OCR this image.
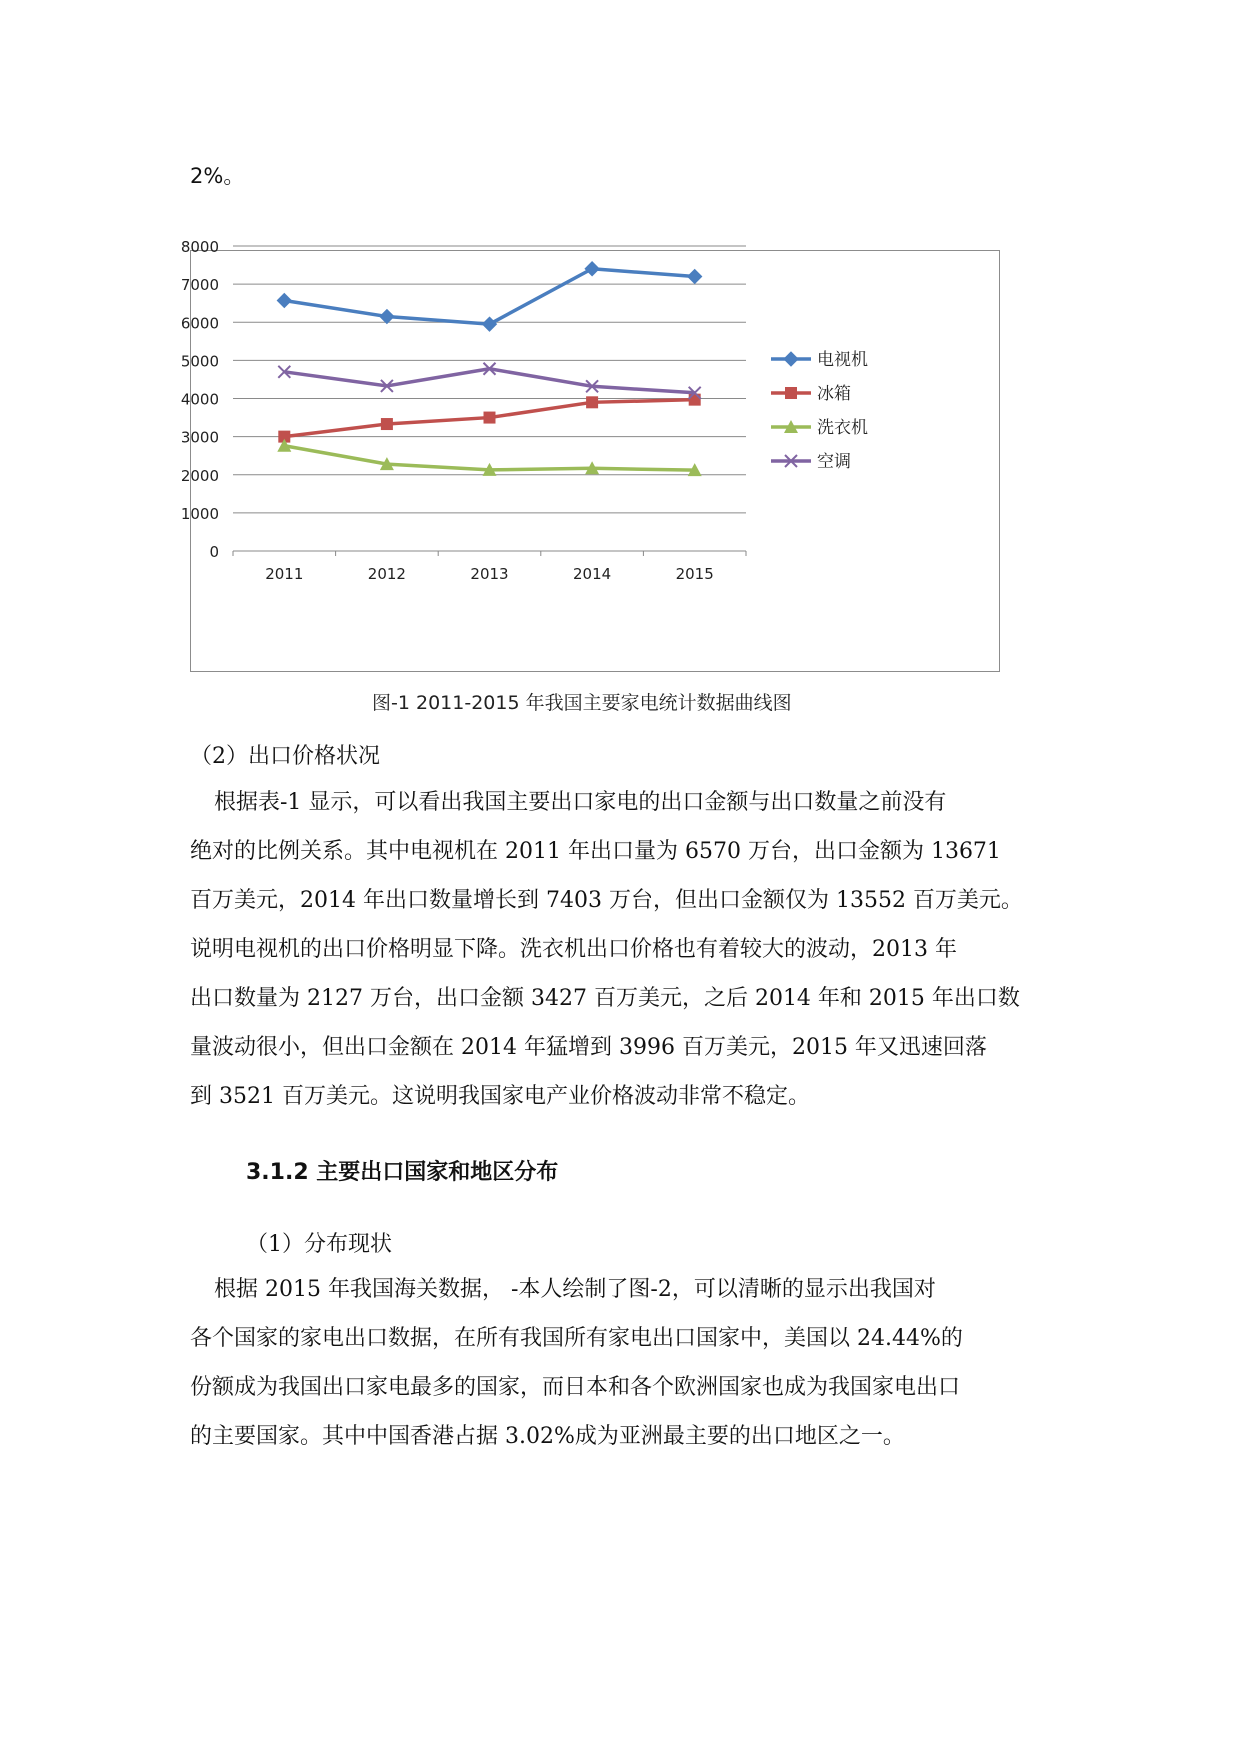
2%。
0
1000
2000
3000
4000
5000
6000
7000
8000
2011	2012	2013	2014	2015
电视机
冰箱
洗衣机
空调
图-1 2011-2015 年我国主要家电统计数据曲线图
（2）出口价格状况
根据表-1 显示，可以看出我国主要出口家电的出口金额与出口数量之前没有
绝对的比例关系。其中电视机在 2011 年出口量为 6570 万台，出口金额为 13671
百万美元，2014 年出口数量增长到 7403 万台，但出口金额仅为 13552 百万美元。
说明电视机的出口价格明显下降。洗衣机出口价格也有着较大的波动，2013 年
出口数量为 2127 万台，出口金额 3427 百万美元，之后 2014 年和 2015 年出口数
量波动很小，但出口金额在 2014 年猛增到 3996 百万美元，2015 年又迅速回落
到 3521 百万美元。这说明我国家电产业价格波动非常不稳定。
3.1.2 主要出口国家和地区分布
（1）分布现状
根据 2015 年我国海关数据， -本人绘制了图-2，可以清晰的显示出我国对
各个国家的家电出口数据，在所有我国所有家电出口国家中，美国以 24.44%的
份额成为我国出口家电最多的国家，而日本和各个欧洲国家也成为我国家电出口
的主要国家。其中中国香港占据 3.02%成为亚洲最主要的出口地区之一。
